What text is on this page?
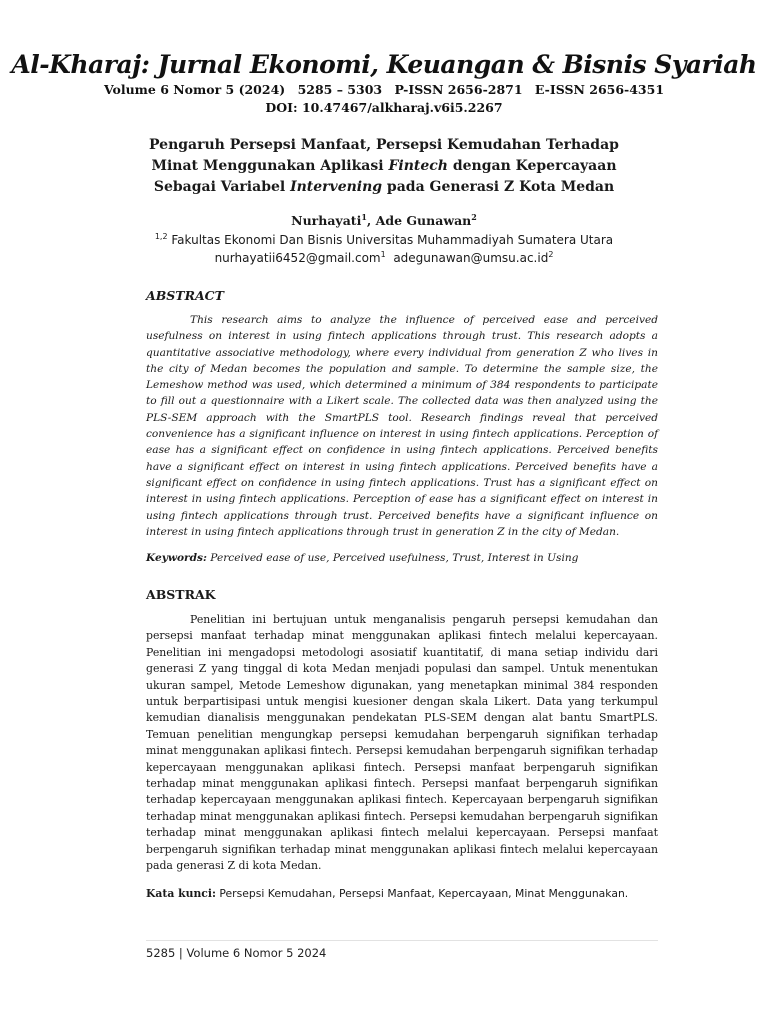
Al-Kharaj: Jurnal Ekonomi, Keuangan & Bisnis Syariah
Volume 6 Nomor 5 (2024) 5285 – 5303 P-ISSN 2656-2871 E-ISSN 2656-4351
DOI: 10.47467/alkharaj.v6i5.2267
Pengaruh Persepsi Manfaat, Persepsi Kemudahan Terhadap Minat Menggunakan Aplikasi Fintech dengan Kepercayaan Sebagai Variabel Intervening pada Generasi Z Kota Medan
Nurhayati$^1$, Ade Gunawan$^2$
$^{1,2}$ Fakultas Ekonomi Dan Bisnis Universitas Muhammadiyah Sumatera Utara
nurhayatii6452@gmail.com$^1$ $adegunawan@umsu.ac.id^2$
ABSTRACT
This research aims to analyze the influence of perceived ease and perceived usefulness on interest in using fintech applications through trust. This research adopts a quantitative associative methodology, where every individual from generation Z who lives in the city of Medan becomes the population and sample. To determine the sample size, the Lemeshow method was used, which determined a minimum of 384 respondents to participate to fill out a questionnaire with a Likert scale. The collected data was then analyzed using the PLS-SEM approach with the SmartPLS tool. Research findings reveal that perceived convenience has a significant influence on interest in using fintech applications. Perception of ease has a significant effect on confidence in using fintech applications. Perceived benefits have a significant effect on interest in using fintech applications. Perceived benefits have a significant effect on confidence in using fintech applications. Trust has a significant effect on interest in using fintech applications. Perception of ease has a significant effect on interest in using fintech applications through trust. Perceived benefits have a significant influence on interest in using fintech applications through trust in generation Z in the city of Medan.
Keywords: Perceived ease of use, Perceived usefulness, Trust, Interest in Using
ABSTRAK
Penelitian ini bertujuan untuk menganalisis pengaruh persepsi kemudahan dan persepsi manfaat terhadap minat menggunakan aplikasi fintech melalui kepercayaan. Penelitian ini mengadopsi metodologi asosiatif kuantitatif, di mana setiap individu dari generasi Z yang tinggal di kota Medan menjadi populasi dan sampel. Untuk menentukan ukuran sampel, Metode Lemeshow digunakan, yang menetapkan minimal 384 responden untuk berpartisipasi untuk mengisi kuesioner dengan skala Likert. Data yang terkumpul kemudian dianalisis menggunakan pendekatan PLS-SEM dengan alat bantu SmartPLS. Temuan penelitian mengungkap persepsi kemudahan berpengaruh signifikan terhadap minat menggunakan aplikasi fintech. Persepsi kemudahan berpengaruh signifikan terhadap kepercayaan menggunakan aplikasi fintech. Persepsi manfaat berpengaruh signifikan terhadap minat menggunakan aplikasi fintech. Persepsi manfaat berpengaruh signifikan terhadap kepercayaan menggunakan aplikasi fintech. Kepercayaan berpengaruh signifikan terhadap minat menggunakan aplikasi fintech. Persepsi kemudahan berpengaruh signifikan terhadap minat menggunakan aplikasi fintech melalui kepercayaan. Persepsi manfaat berpengaruh signifikan terhadap minat menggunakan aplikasi fintech melalui kepercayaan pada generasi Z di kota Medan.
Kata kunci: Persepsi Kemudahan, Persepsi Manfaat, Kepercayaan, Minat Menggunakan.
5285 | Volume 6 Nomor 5 2024
